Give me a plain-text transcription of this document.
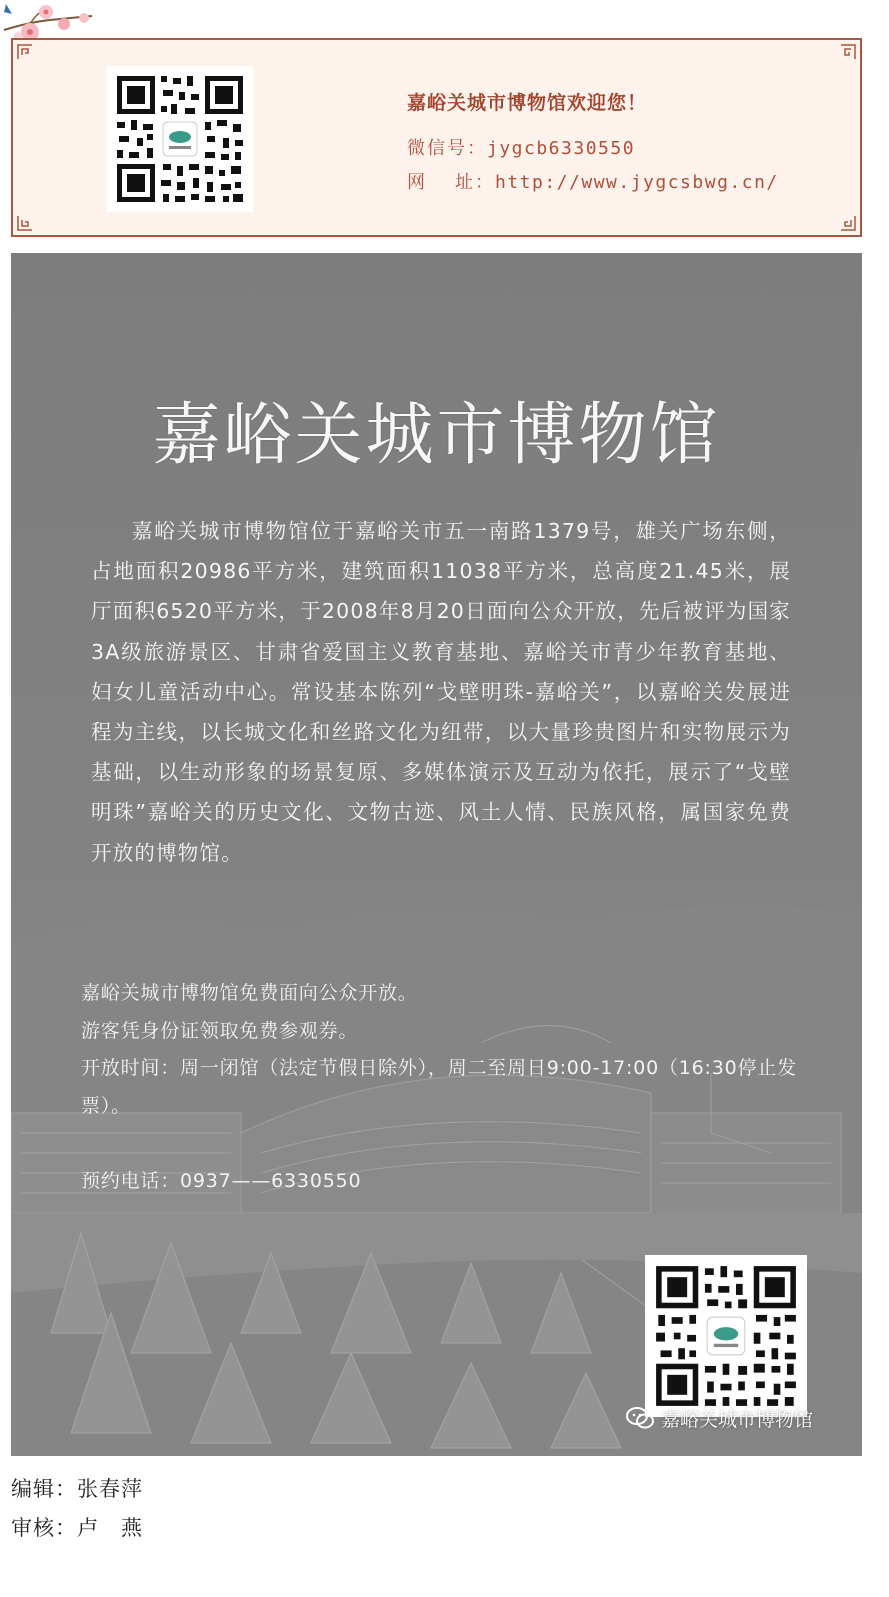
嘉峪关城市博物馆欢迎您！
微信号：jygcb6330550
网 址：http://www.jygcsbwg.cn/
嘉峪关城市博物馆

嘉峪关城市博物馆位于嘉峪关市五一南路1379号，雄关广场东侧，占地面积20986平方米，建筑面积11038平方米，总高度21.45米，展厅面积6520平方米，于2008年8月20日面向公众开放，先后被评为国家3A级旅游景区、甘肃省爱国主义教育基地、嘉峪关市青少年教育基地、妇女儿童活动中心。常设基本陈列“戈壁明珠-嘉峪关”，以嘉峪关发展进程为主线，以长城文化和丝路文化为纽带，以大量珍贵图片和实物展示为基础，以生动形象的场景复原、多媒体演示及互动为依托，展示了“戈壁明珠”嘉峪关的历史文化、文物古迹、风土人情、民族风格，属国家免费开放的博物馆。

嘉峪关城市博物馆免费面向公众开放。

游客凭身份证领取免费参观券。

开放时间：周一闭馆（法定节假日除外），周二至周日9:00-17:00（16:30停止发票）。

预约电话：0937——6330550

嘉峪关城市博物馆
编辑：张春萍
审核：卢　燕
